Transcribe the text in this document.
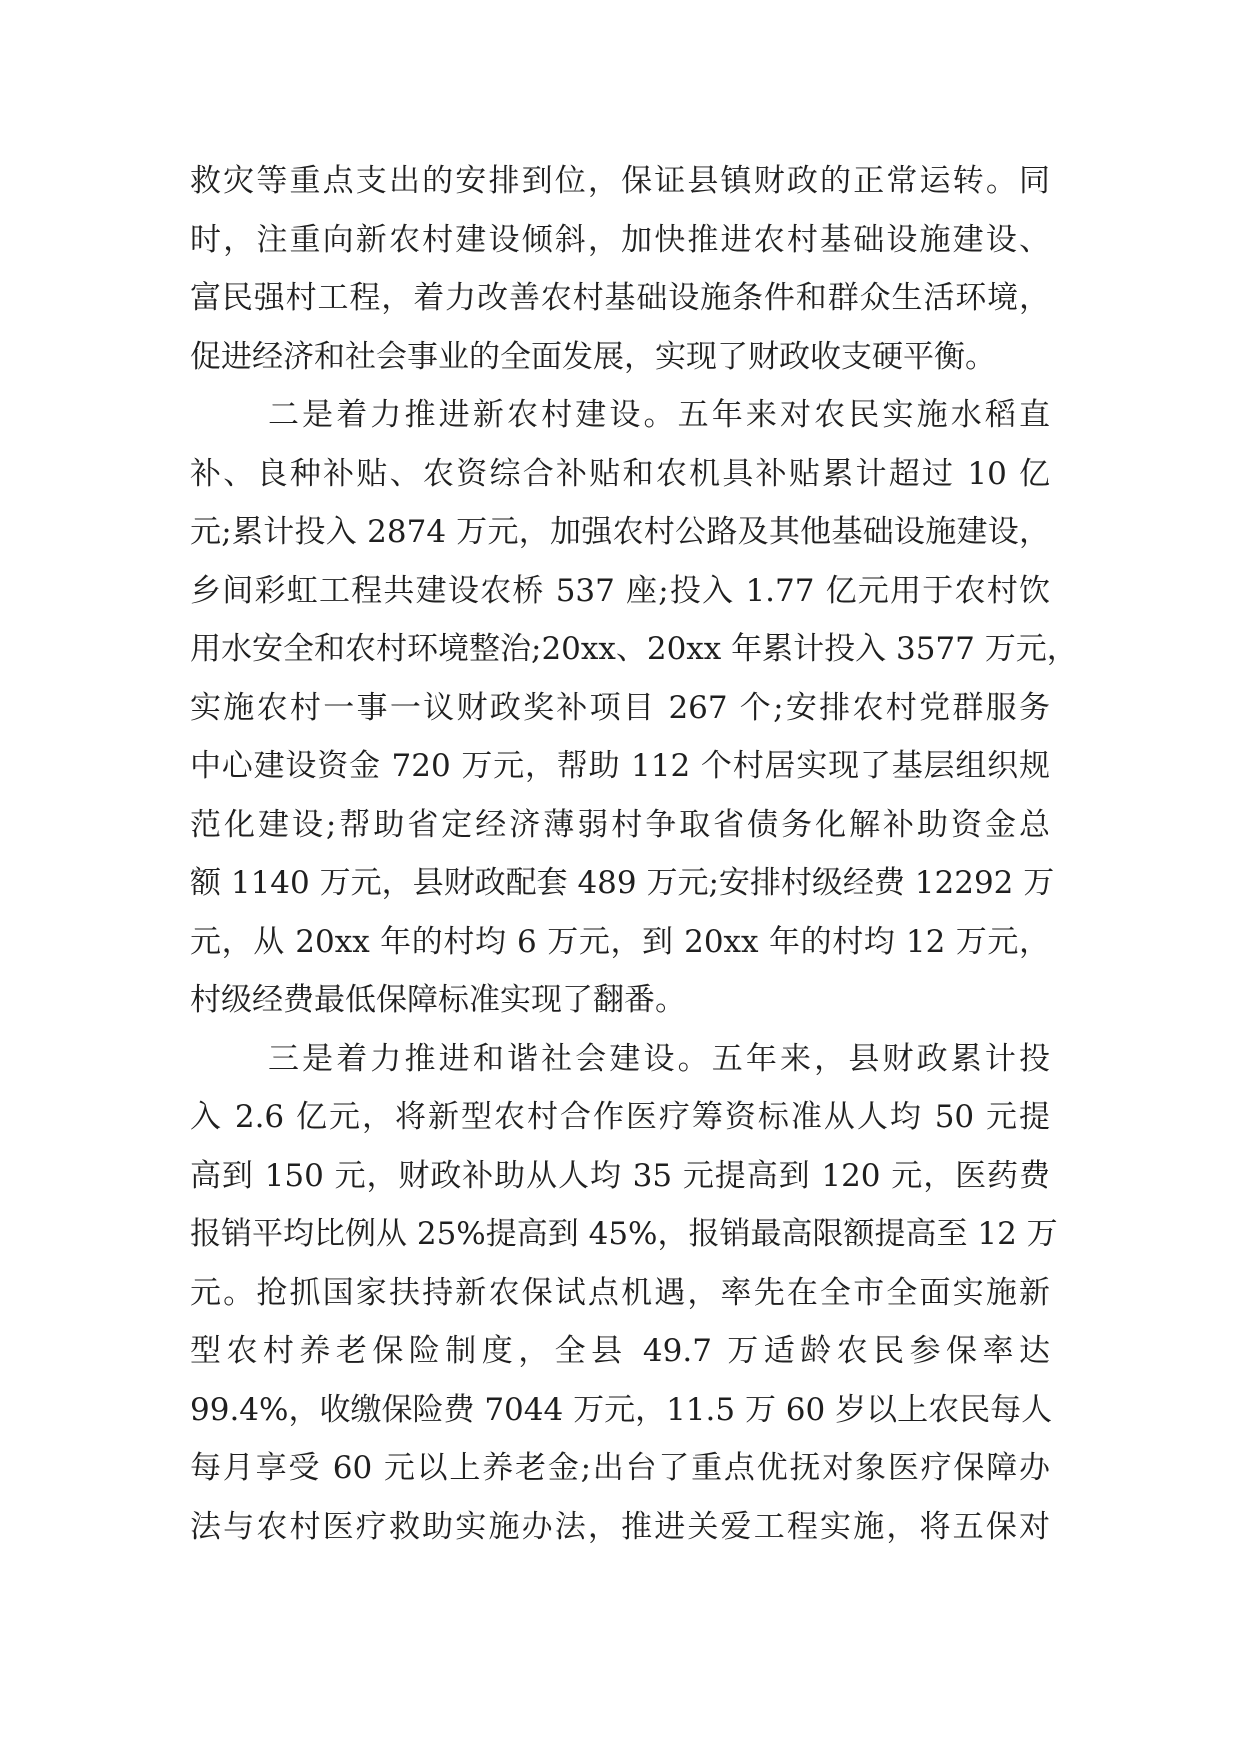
救灾等重点支出的安排到位，保证县镇财政的正常运转。同
时，注重向新农村建设倾斜，加快推进农村基础设施建设、
富民强村工程，着力改善农村基础设施条件和群众生活环境，
促进经济和社会事业的全面发展，实现了财政收支硬平衡。
二是着力推进新农村建设。五年来对农民实施水稻直
补、良种补贴、农资综合补贴和农机具补贴累计超过 10 亿
元;累计投入 2874 万元，加强农村公路及其他基础设施建设，
乡间彩虹工程共建设农桥 537 座;投入 1.77 亿元用于农村饮
用水安全和农村环境整治;20xx、20xx 年累计投入 3577 万元，
实施农村一事一议财政奖补项目 267 个;安排农村党群服务
中心建设资金 720 万元，帮助 112 个村居实现了基层组织规
范化建设;帮助省定经济薄弱村争取省债务化解补助资金总
额 1140 万元，县财政配套 489 万元;安排村级经费 12292 万
元，从 20xx 年的村均 6 万元，到 20xx 年的村均 12 万元，
村级经费最低保障标准实现了翻番。
三是着力推进和谐社会建设。五年来，县财政累计投
入 2.6 亿元，将新型农村合作医疗筹资标准从人均 50 元提
高到 150 元，财政补助从人均 35 元提高到 120 元，医药费
报销平均比例从 25%提高到 45%，报销最高限额提高至 12 万
元。抢抓国家扶持新农保试点机遇，率先在全市全面实施新
型农村养老保险制度，全县 49.7 万适龄农民参保率达
99.4%，收缴保险费 7044 万元，11.5 万 60 岁以上农民每人
每月享受 60 元以上养老金;出台了重点优抚对象医疗保障办
法与农村医疗救助实施办法，推进关爱工程实施，将五保对
